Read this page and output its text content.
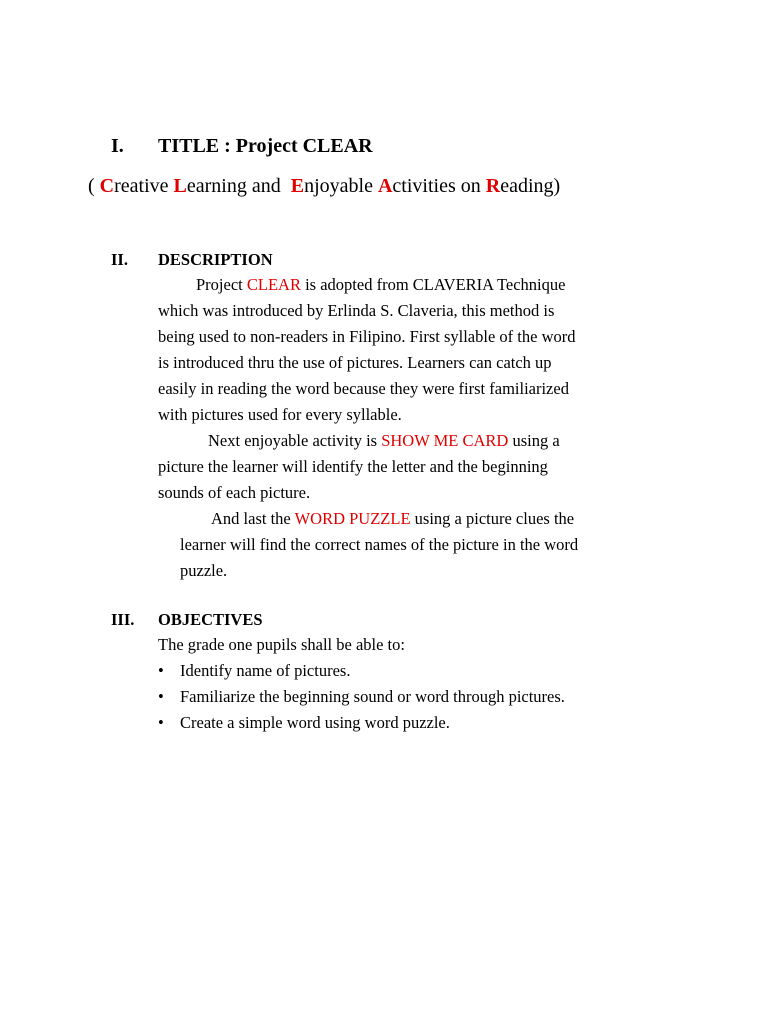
I. TITLE : Project CLEAR
( Creative Learning and  Enjoyable Activities on Reading)
II. DESCRIPTION
Project CLEAR is adopted from CLAVERIA Technique
which was introduced by Erlinda S. Claveria, this method is
being used to non-readers in Filipino. First syllable of the word
is introduced thru the use of pictures. Learners can catch up
easily in reading the word because they were first familiarized
with pictures used for every syllable.
Next enjoyable activity is SHOW ME CARD using a
picture the learner will identify the letter and the beginning
sounds of each picture.
And last the WORD PUZZLE using a picture clues the
learner will find the correct names of the picture in the word
puzzle.
III. OBJECTIVES
The grade one pupils shall be able to:
• Identify name of pictures.
• Familiarize the beginning sound or word through pictures.
• Create a simple word using word puzzle.
